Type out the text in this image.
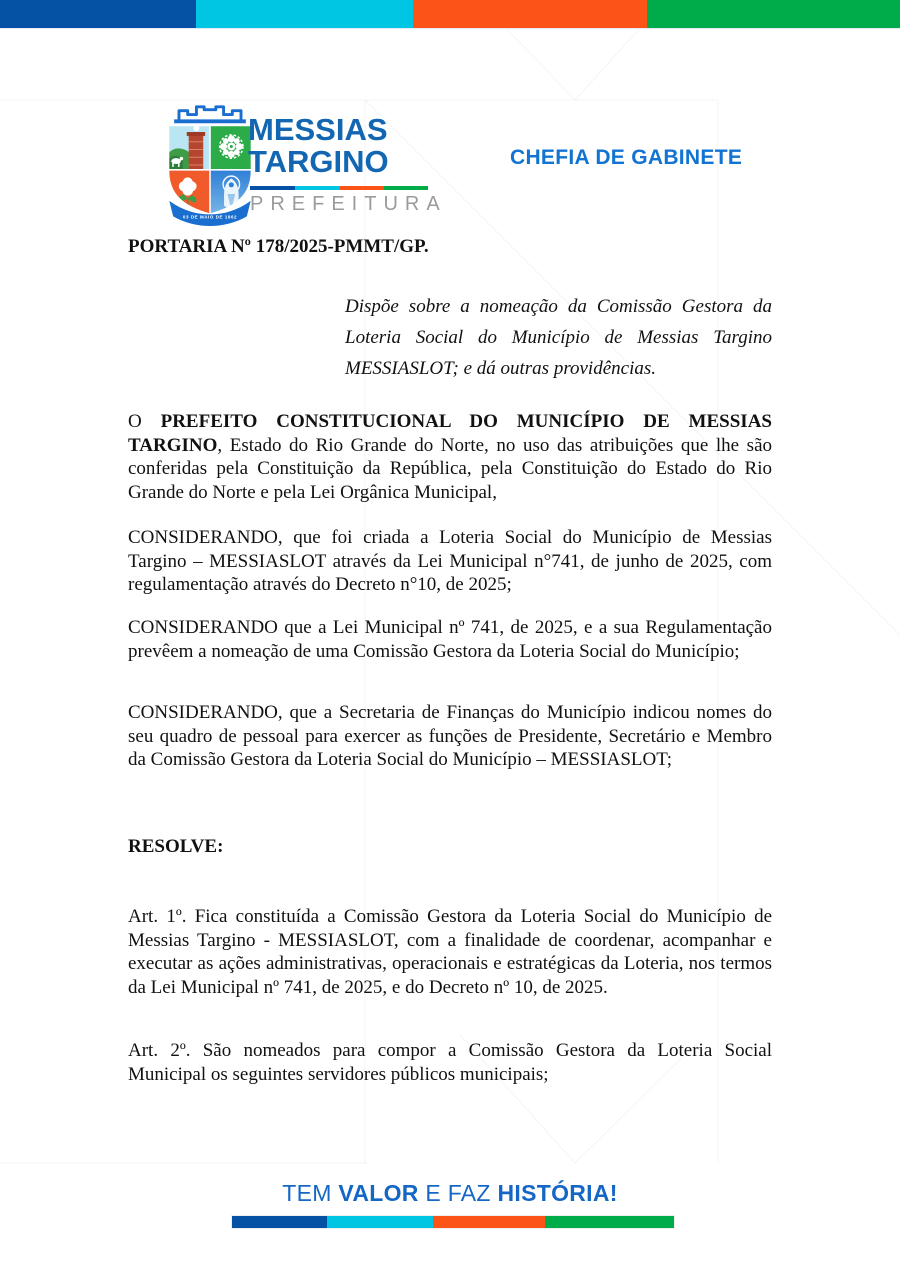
03 DE MAIO DE 1962
MESSIAS
TARGINO
PREFEITURA
CHEFIA DE GABINETE
PORTARIA Nº 178/2025-PMMT/GP.
Dispõe sobre a nomeação da Comissão Gestora da Loteria Social do Município de Messias Targino MESSIASLOT; e dá outras providências.
O PREFEITO CONSTITUCIONAL DO MUNICÍPIO DE MESSIAS TARGINO, Estado do Rio Grande do Norte, no uso das atribuições que lhe são conferidas pela Constituição da República, pela Constituição do Estado do Rio Grande do Norte e pela Lei Orgânica Municipal,
CONSIDERANDO, que foi criada a Loteria Social do Município de Messias Targino – MESSIASLOT através da Lei Municipal n°741, de junho de 2025, com regulamentação através do Decreto n°10, de 2025;
CONSIDERANDO que a Lei Municipal nº 741, de 2025, e a sua Regulamentação prevêem a nomeação de uma Comissão Gestora da Loteria Social do Município;
CONSIDERANDO, que a Secretaria de Finanças do Município indicou nomes do seu quadro de pessoal para exercer as funções de Presidente, Secretário e Membro da Comissão Gestora da Loteria Social do Município – MESSIASLOT;
RESOLVE:
Art. 1º. Fica constituída a Comissão Gestora da Loteria Social do Município de Messias Targino - MESSIASLOT, com a finalidade de coordenar, acompanhar e executar as ações administrativas, operacionais e estratégicas da Loteria, nos termos da Lei Municipal nº 741, de 2025, e do Decreto nº 10, de 2025.
Art. 2º. São nomeados para compor a Comissão Gestora da Loteria Social Municipal os seguintes servidores públicos municipais;
TEM VALOR E FAZ HISTÓRIA!
